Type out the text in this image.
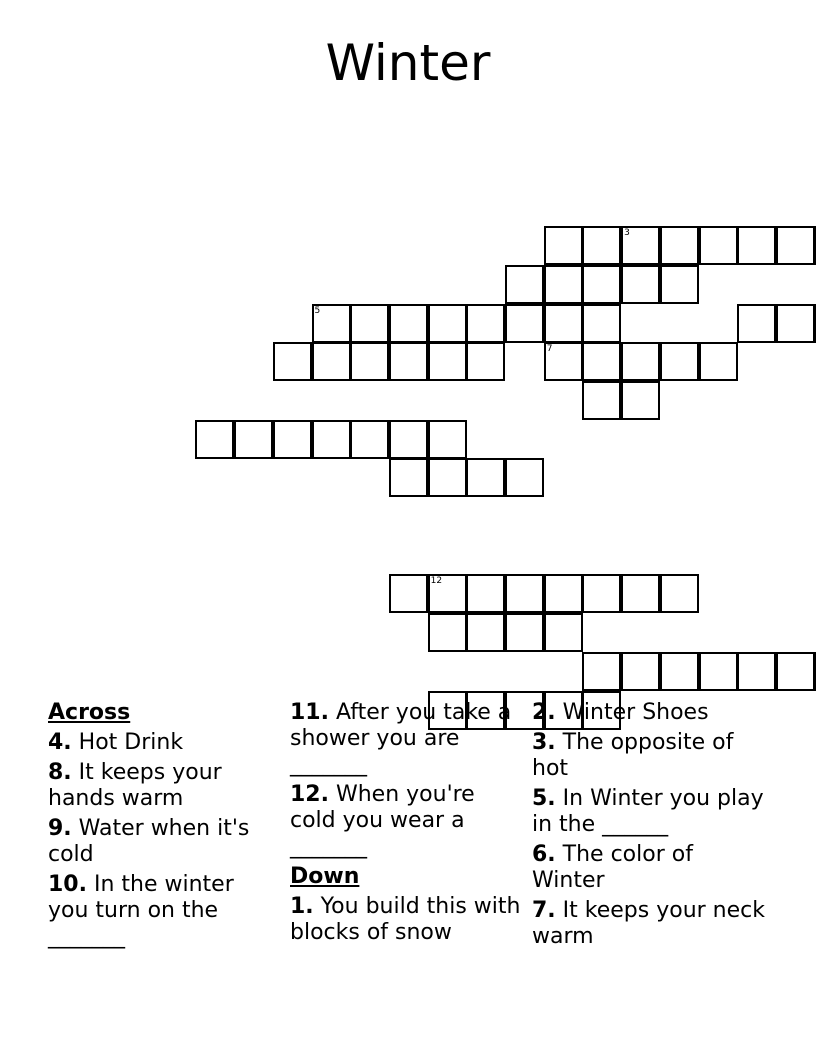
Winter
5
7
3
12
Across
4. Hot Drink
8. It keeps your hands warm
9. Water when it's cold
10. In the winter you turn on the _______
11. After you take a shower you are _______
12. When you're cold you wear a _______
Down
1. You build this with blocks of snow
2. Winter Shoes
3. The opposite of hot
5. In Winter you play in the ______
6. The color of Winter
7. It keeps your neck warm
